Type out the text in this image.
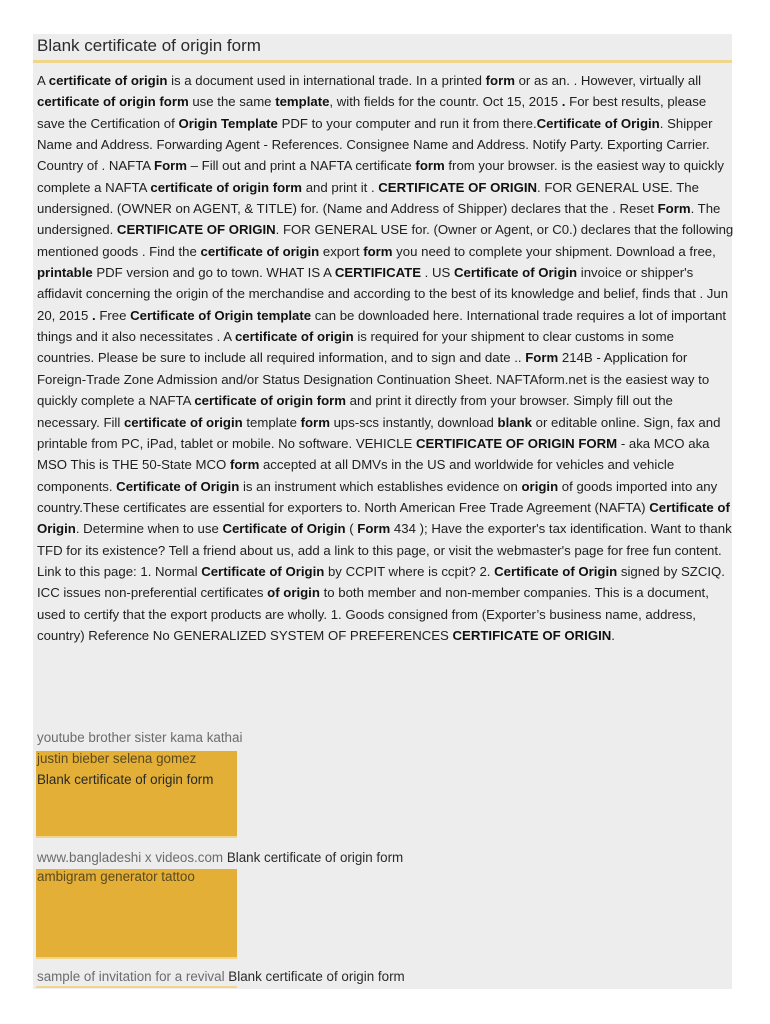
Blank certificate of origin form

A certificate of origin is a document used in international trade. In a printed form or as an. . However, virtually all certificate of origin form use the same template, with fields for the countr. Oct 15, 2015 . For best results, please save the Certification of Origin Template PDF to your computer and run it from there.Certificate of Origin. Shipper Name and Address. Forwarding Agent - References. Consignee Name and Address. Notify Party. Exporting Carrier. Country of . NAFTA Form – Fill out and print a NAFTA certificate form from your browser. is the easiest way to quickly complete a NAFTA certificate of origin form and print it . CERTIFICATE OF ORIGIN. FOR GENERAL USE. The undersigned. (OWNER on AGENT, & TITLE) for. (Name and Address of Shipper) declares that the . Reset Form. The undersigned. CERTIFICATE OF ORIGIN. FOR GENERAL USE for. (Owner or Agent, or C0.) declares that the following mentioned goods . Find the certificate of origin export form you need to complete your shipment. Download a free, printable PDF version and go to town. WHAT IS A CERTIFICATE . US Certificate of Origin invoice or shipper's affidavit concerning the origin of the merchandise and according to the best of its knowledge and belief, finds that . Jun 20, 2015 . Free Certificate of Origin template can be downloaded here. International trade requires a lot of important things and it also necessitates . A certificate of origin is required for your shipment to clear customs in some countries. Please be sure to include all required information, and to sign and date .. Form 214B - Application for Foreign-Trade Zone Admission and/or Status Designation Continuation Sheet. NAFTAform.net is the easiest way to quickly complete a NAFTA certificate of origin form and print it directly from your browser. Simply fill out the necessary. Fill certificate of origin template form ups-scs instantly, download blank or editable online. Sign, fax and printable from PC, iPad, tablet or mobile. No software. VEHICLE CERTIFICATE OF ORIGIN FORM - aka MCO aka MSO This is THE 50-State MCO form accepted at all DMVs in the US and worldwide for vehicles and vehicle components. Certificate of Origin is an instrument which establishes evidence on origin of goods imported into any country.These certificates are essential for exporters to. North American Free Trade Agreement (NAFTA) Certificate of Origin. Determine when to use Certificate of Origin ( Form 434 ); Have the exporter's tax identification. Want to thank TFD for its existence? Tell a friend about us, add a link to this page, or visit the webmaster's page for free fun content. Link to this page: 1. Normal Certificate of Origin by CCPIT where is ccpit? 2. Certificate of Origin signed by SZCIQ. ICC issues non-preferential certificates of origin to both member and non-member companies. This is a document, used to certify that the export products are wholly. 1. Goods consigned from (Exporter’s business name, address, country) Reference No GENERALIZED SYSTEM OF PREFERENCES CERTIFICATE OF ORIGIN.

youtube brother sister kama kathai
justin bieber selena gomez
Blank certificate of origin form
www.bangladeshi x videos.com Blank certificate of origin form
ambigram generator tattoo
sample of invitation for a revival Blank certificate of origin form
